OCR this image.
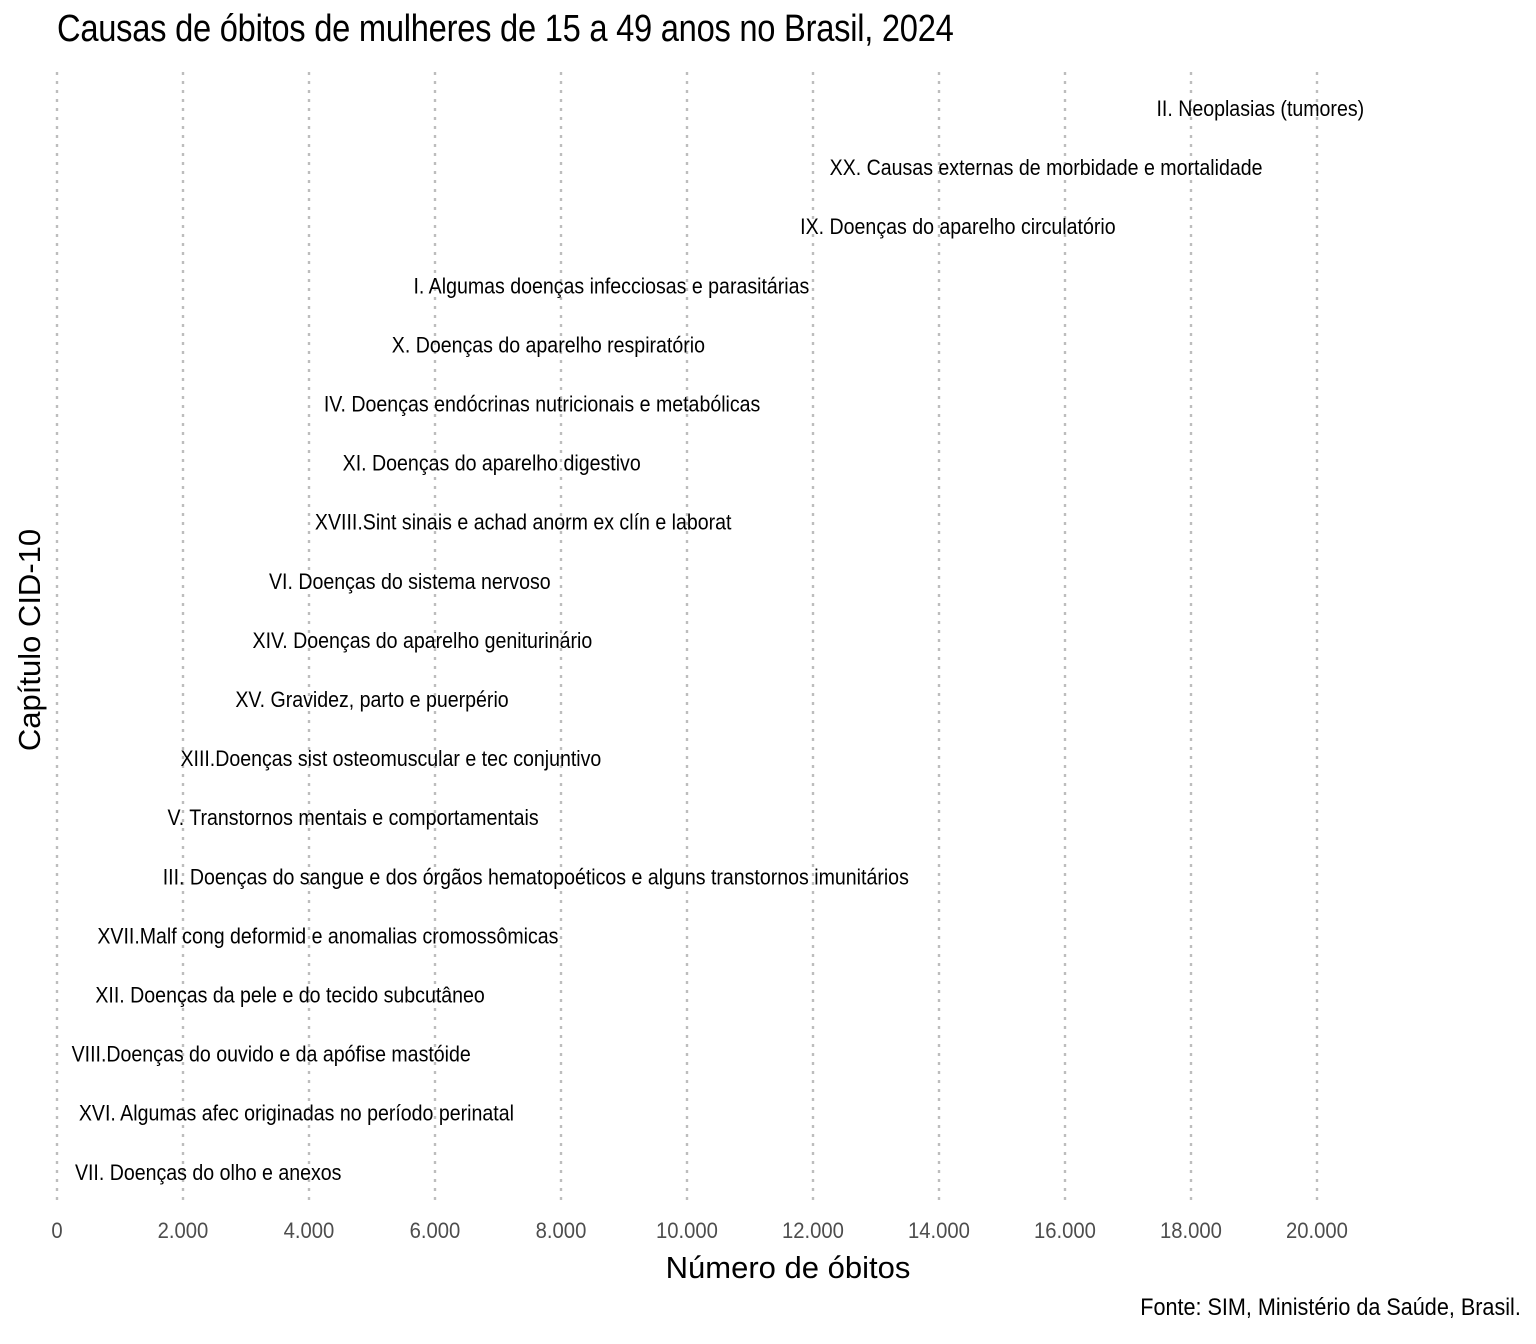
Causas de óbitos de mulheres de 15 a 49 anos no Brasil, 2024
0	2.000	4.000	6.000	8.000	10.000	12.000	14.000	16.000	18.000	20.000
II. Neoplasias (tumores)
XX. Causas externas de morbidade e mortalidade
IX. Doenças do aparelho circulatório
I. Algumas doenças infecciosas e parasitárias
X. Doenças do aparelho respiratório
IV. Doenças endócrinas nutricionais e metabólicas
XI. Doenças do aparelho digestivo
XVIII.Sint sinais e achad anorm ex clín e laborat
VI. Doenças do sistema nervoso
XIV. Doenças do aparelho geniturinário
XV. Gravidez, parto e puerpério
XIII.Doenças sist osteomuscular e tec conjuntivo
V. Transtornos mentais e comportamentais
III. Doenças do sangue e dos órgãos hematopoéticos e alguns transtornos imunitários
XVII.Malf cong deformid e anomalias cromossômicas
XII. Doenças da pele e do tecido subcutâneo
VIII.Doenças do ouvido e da apófise mastóide
XVI. Algumas afec originadas no período perinatal
VII. Doenças do olho e anexos
Número de óbitos
Capítulo CID-10
Fonte: SIM, Ministério da Saúde, Brasil.
